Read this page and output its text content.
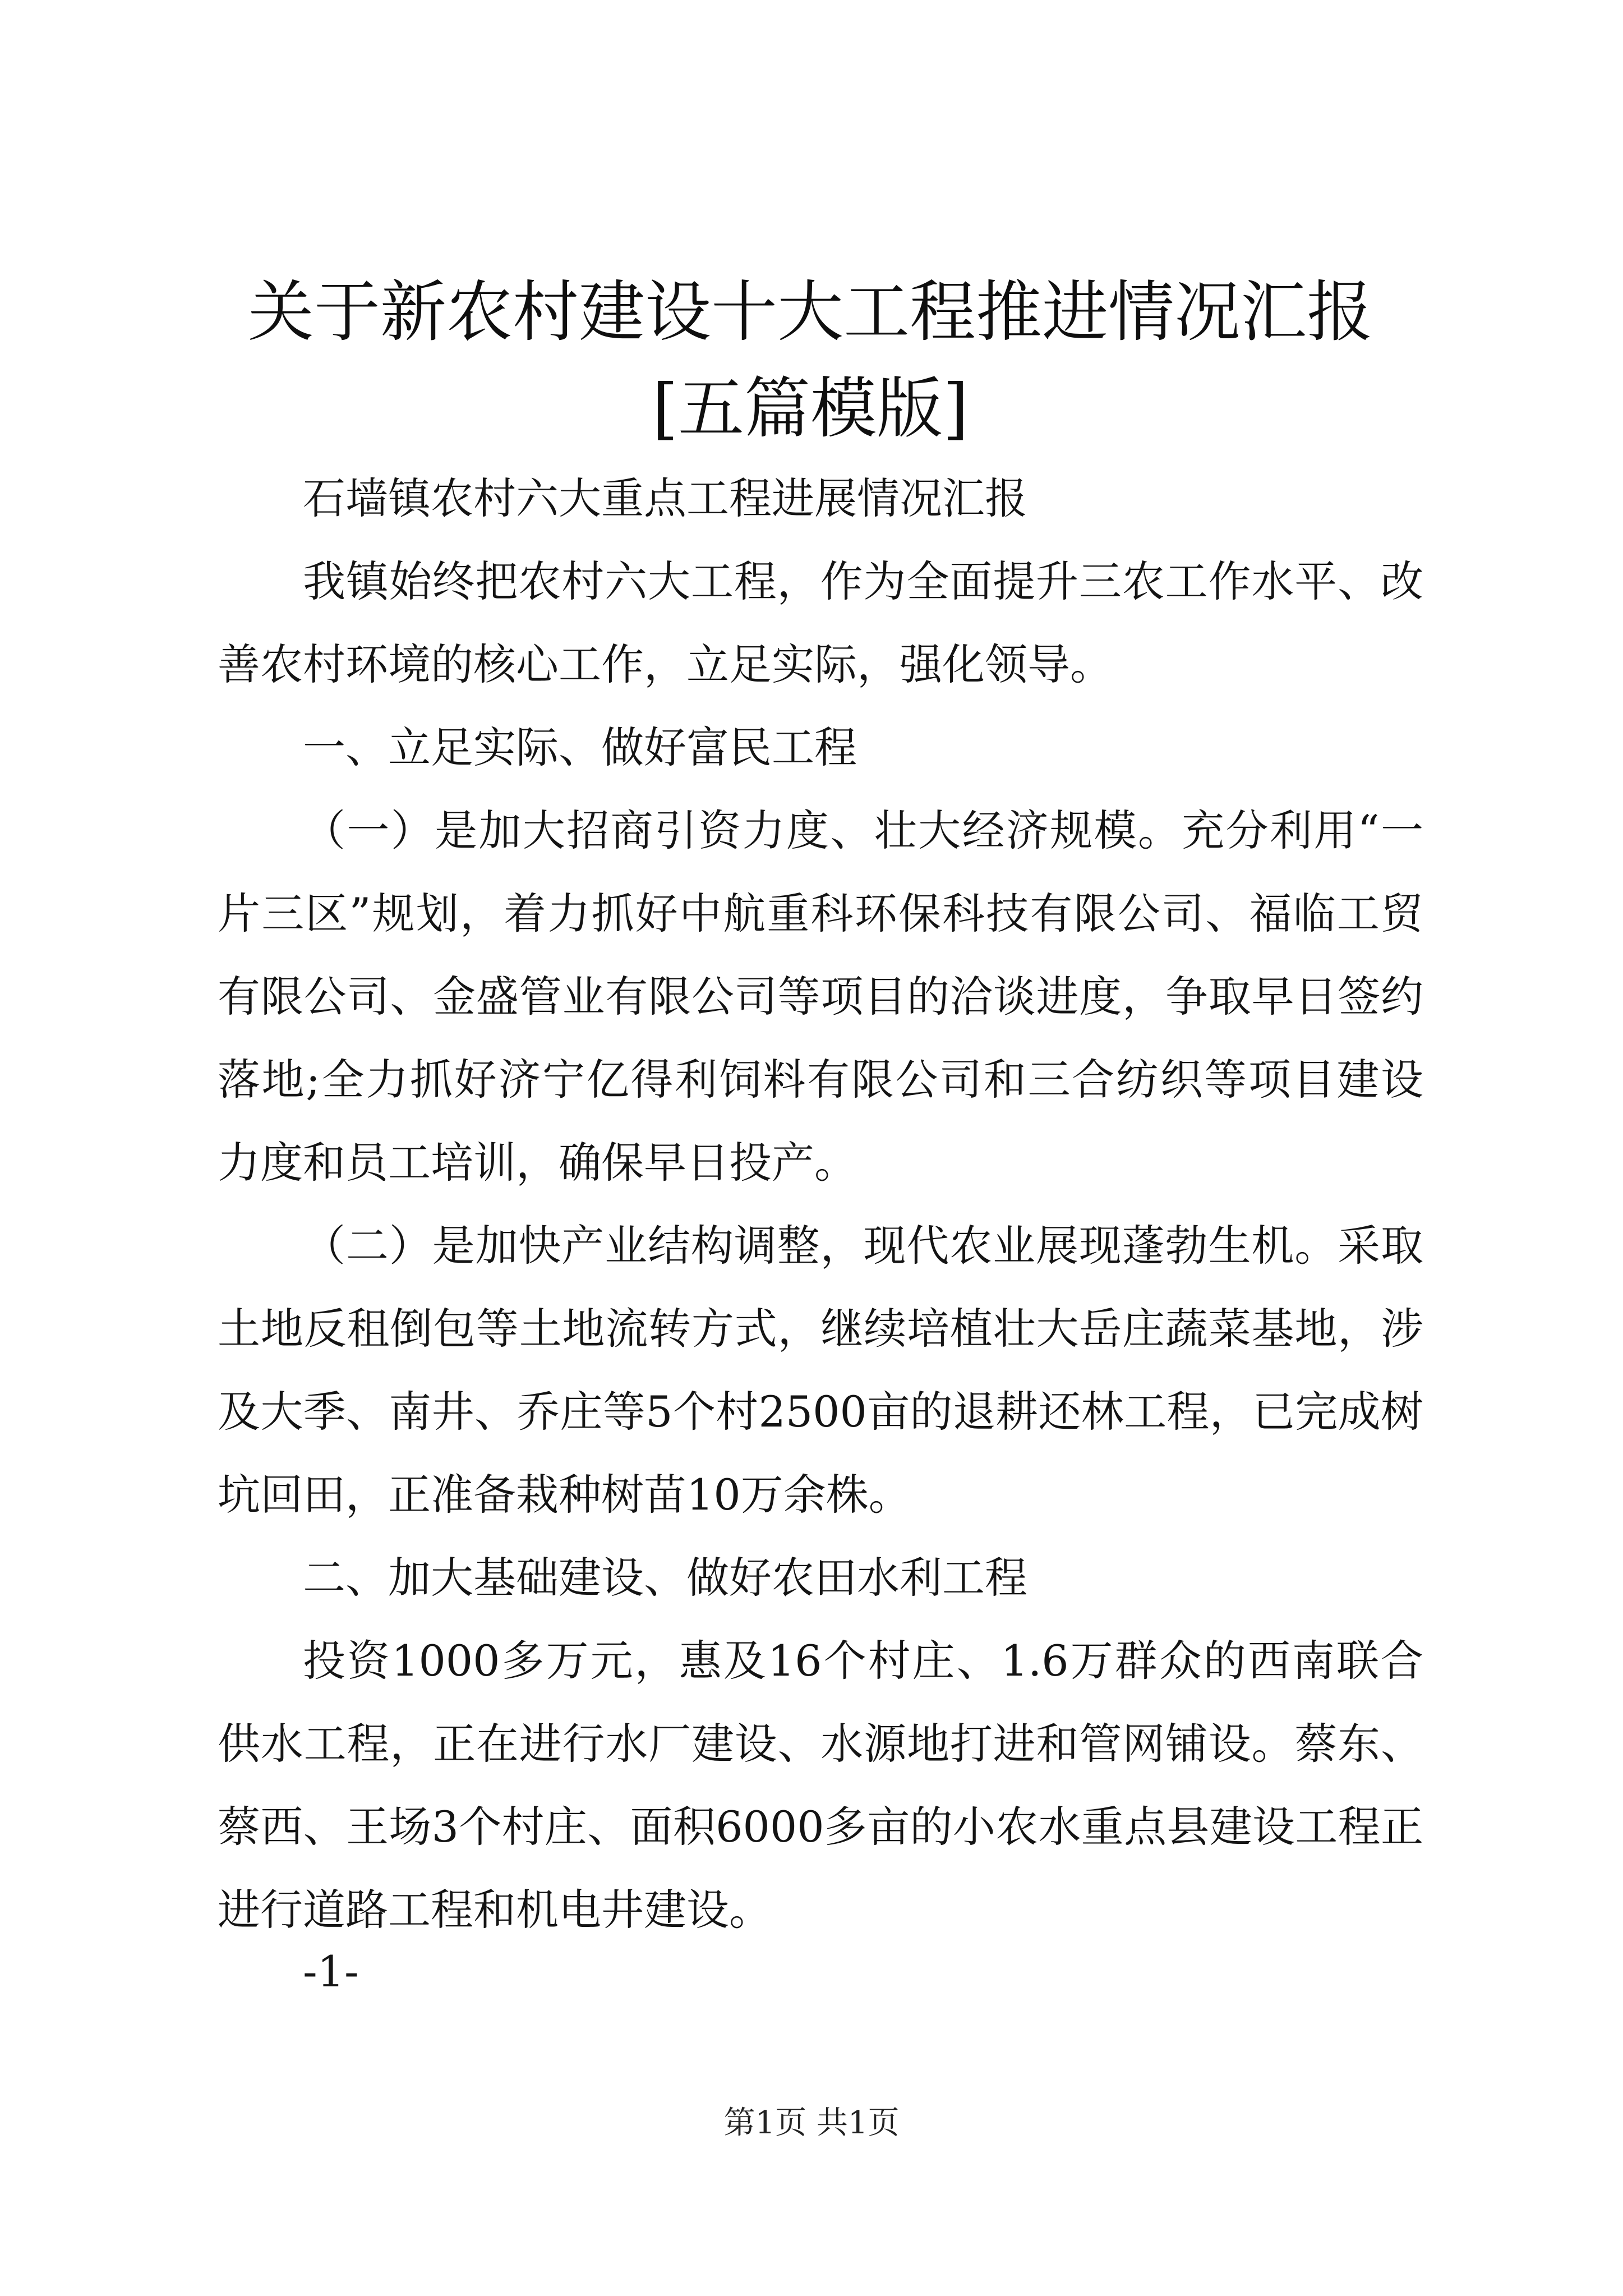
关于新农村建设十大工程推进情况汇报[五篇模版]

石墙镇农村六大重点工程进展情况汇报

我镇始终把农村六大工程，作为全面提升三农工作水平、改善农村环境的核心工作，立足实际，强化领导。

一、立足实际、做好富民工程

（一）是加大招商引资力度、壮大经济规模。充分利用“一片三区”规划，着力抓好中航重科环保科技有限公司、福临工贸有限公司、金盛管业有限公司等项目的洽谈进度，争取早日签约落地;全力抓好济宁亿得利饲料有限公司和三合纺织等项目建设力度和员工培训，确保早日投产。

（二）是加快产业结构调整，现代农业展现蓬勃生机。采取土地反租倒包等土地流转方式，继续培植壮大岳庄蔬菜基地，涉及大季、南井、乔庄等5个村2500亩的退耕还林工程，已完成树坑回田，正准备栽种树苗10万余株。

二、加大基础建设、做好农田水利工程

投资1000多万元，惠及16个村庄、1.6万群众的西南联合供水工程，正在进行水厂建设、水源地打进和管网铺设。蔡东、蔡西、王场3个村庄、面积6000多亩的小农水重点县建设工程正进行道路工程和机电井建设。

-1-
第1页 共1页
